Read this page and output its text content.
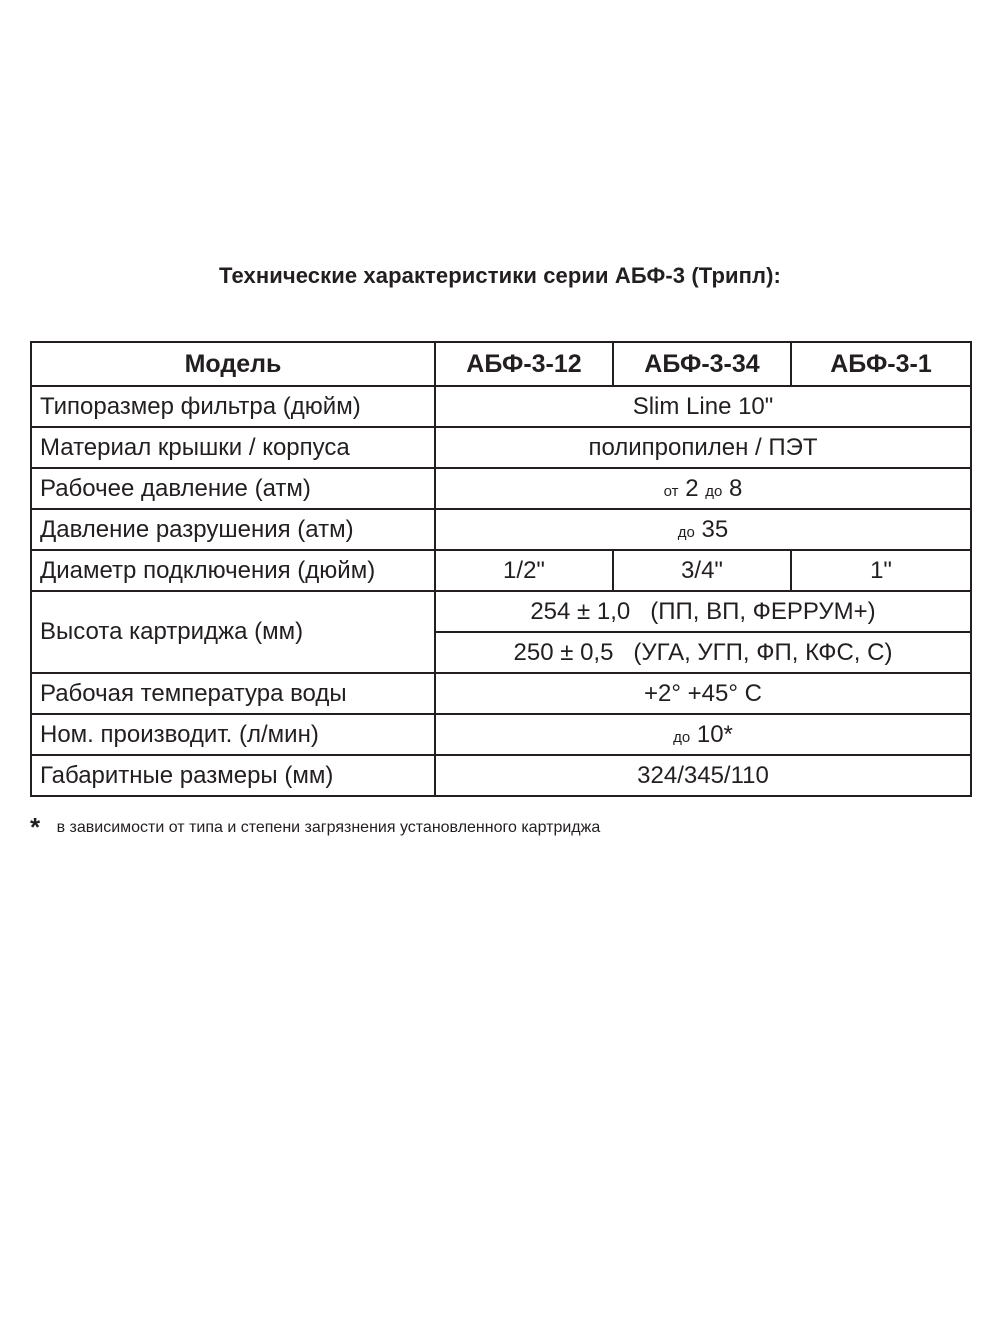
Технические характеристики серии АБФ-3 (Трипл):
Модель	АБФ-3-12	АБФ-3-34	АБФ-3-1
Типоразмер фильтра (дюйм)	Slim Line 10"		
Материал крышки / корпуса	полипропилен / ПЭТ		
Рабочее давление (атм)	от 2 до 8		
Давление разрушения (атм)	до 35		
Диаметр подключения (дюйм)	1/2"	3/4"	1"
Высота картриджа (мм)	254 ± 1,0   (ПП, ВП, ФЕРРУМ+)		
	250 ± 0,5   (УГА, УГП, ФП, КФС, С)		
Рабочая температура воды	+2° +45° С		
Ном. производит. (л/мин)	до 10*		
Габаритные размеры (мм)	324/345/110		
* в зависимости от типа и степени загрязнения установленного картриджа
